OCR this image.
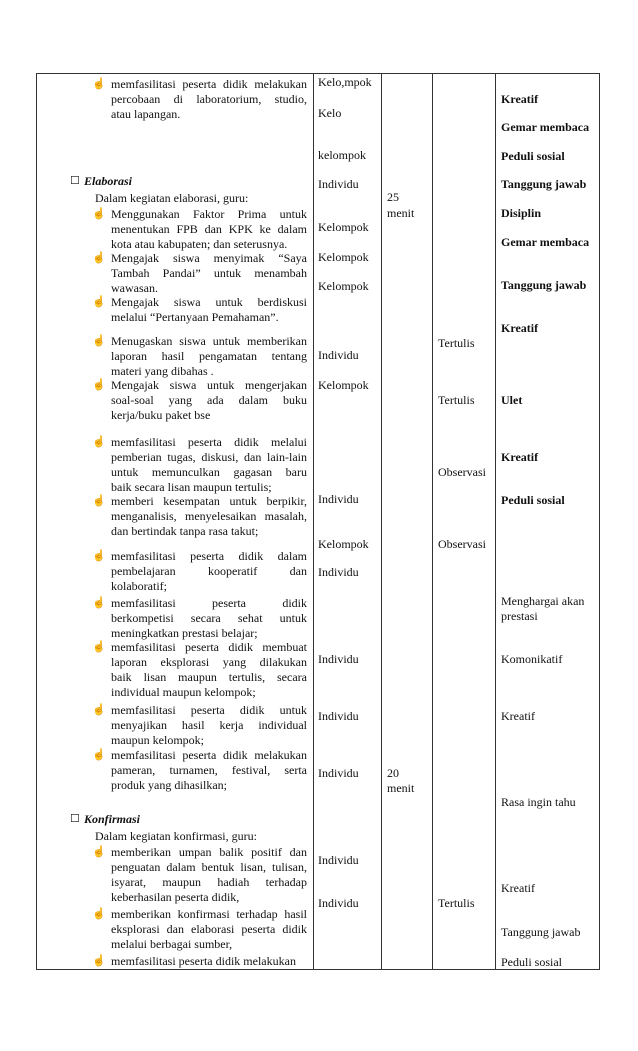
☝ memfasilitasi peserta didik melakukan
percobaan di laboratorium, studio,
atau lapangan.
☐ Elaborasi
Dalam kegiatan elaborasi, guru:
☝ Menggunakan Faktor Prima untuk
menentukan FPB dan KPK ke dalam
kota atau kabupaten; dan seterusnya.
☝ Mengajak siswa menyimak “Saya
Tambah Pandai” untuk menambah
wawasan.
☝ Mengajak siswa untuk berdiskusi
melalui “Pertanyaan Pemahaman”.
☝ Menugaskan siswa untuk memberikan
laporan hasil pengamatan tentang
materi yang dibahas .
☝ Mengajak siswa untuk mengerjakan
soal-soal yang ada dalam buku
kerja/buku paket bse
☝ memfasilitasi peserta didik melalui
pemberian tugas, diskusi, dan lain-lain
untuk memunculkan gagasan baru
baik secara lisan maupun tertulis;
☝ memberi kesempatan untuk berpikir,
menganalisis, menyelesaikan masalah,
dan bertindak tanpa rasa takut;
☝ memfasilitasi peserta didik dalam
pembelajaran kooperatif dan
kolaboratif;
☝ memfasilitasi peserta didik
berkompetisi secara sehat untuk
meningkatkan prestasi belajar;
☝ memfasilitasi peserta didik membuat
laporan eksplorasi yang dilakukan
baik lisan maupun tertulis, secara
individual maupun kelompok;
☝ memfasilitasi peserta didik untuk
menyajikan hasil kerja individual
maupun kelompok;
☝ memfasilitasi peserta didik melakukan
pameran, turnamen, festival, serta
produk yang dihasilkan;
☐ Konfirmasi
Dalam kegiatan konfirmasi, guru:
☝ memberikan umpan balik positif dan
penguatan dalam bentuk lisan, tulisan,
isyarat, maupun hadiah terhadap
keberhasilan peserta didik,
☝ memberikan konfirmasi terhadap hasil
eksplorasi dan elaborasi peserta didik
melalui berbagai sumber,
☝ memfasilitasi peserta didik melakukan
Kelo,mpok
Kelo
kelompok
Individu
Kelompok
Kelompok
Kelompok
Individu
Kelompok
Individu
Kelompok
Individu
Individu
Individu
Individu
Individu
Individu
25
menit
20
menit
Tertulis
Tertulis
Observasi
Observasi
Tertulis
Kreatif
Gemar membaca
Peduli sosial
Tanggung jawab
Disiplin
Gemar membaca
Tanggung jawab
Kreatif
Ulet
Kreatif
Peduli sosial
Menghargai akan
prestasi
Komonikatif
Kreatif
Rasa ingin tahu
Kreatif
Tanggung jawab
Peduli sosial
